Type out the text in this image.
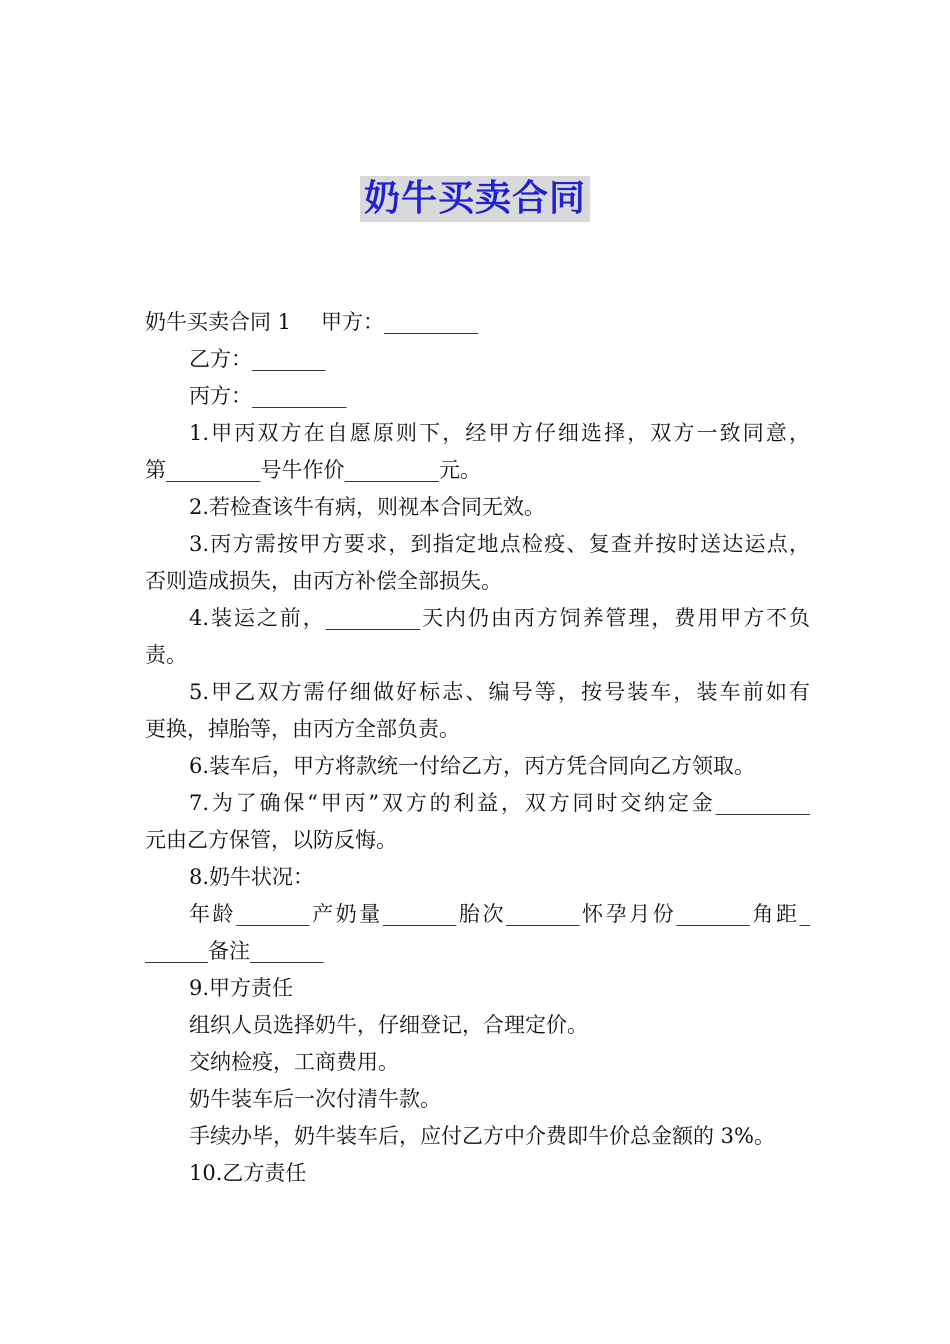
奶牛买卖合同
奶牛买卖合同 1 甲方：_________
乙方：_______
丙方：_________
1.甲丙双方在自愿原则下，经甲方仔细选择，双方一致同意，
第_________号牛作价_________元。
2.若检查该牛有病，则视本合同无效。
3.丙方需按甲方要求，到指定地点检疫、复查并按时送达运点，
否则造成损失，由丙方补偿全部损失。
4.装运之前，_________天内仍由丙方饲养管理，费用甲方不负
责。
5.甲乙双方需仔细做好标志、编号等，按号装车，装车前如有
更换，掉胎等，由丙方全部负责。
6.装车后，甲方将款统一付给乙方，丙方凭合同向乙方领取。
7.为了确保“甲丙”双方的利益，双方同时交纳定金_________
元由乙方保管，以防反悔。
8.奶牛状况：
年龄_______产奶量_______胎次_______怀孕月份_______角距_
______备注_______
9.甲方责任
组织人员选择奶牛，仔细登记，合理定价。
交纳检疫，工商费用。
奶牛装车后一次付清牛款。
手续办毕，奶牛装车后，应付乙方中介费即牛价总金额的 3%。
10.乙方责任
